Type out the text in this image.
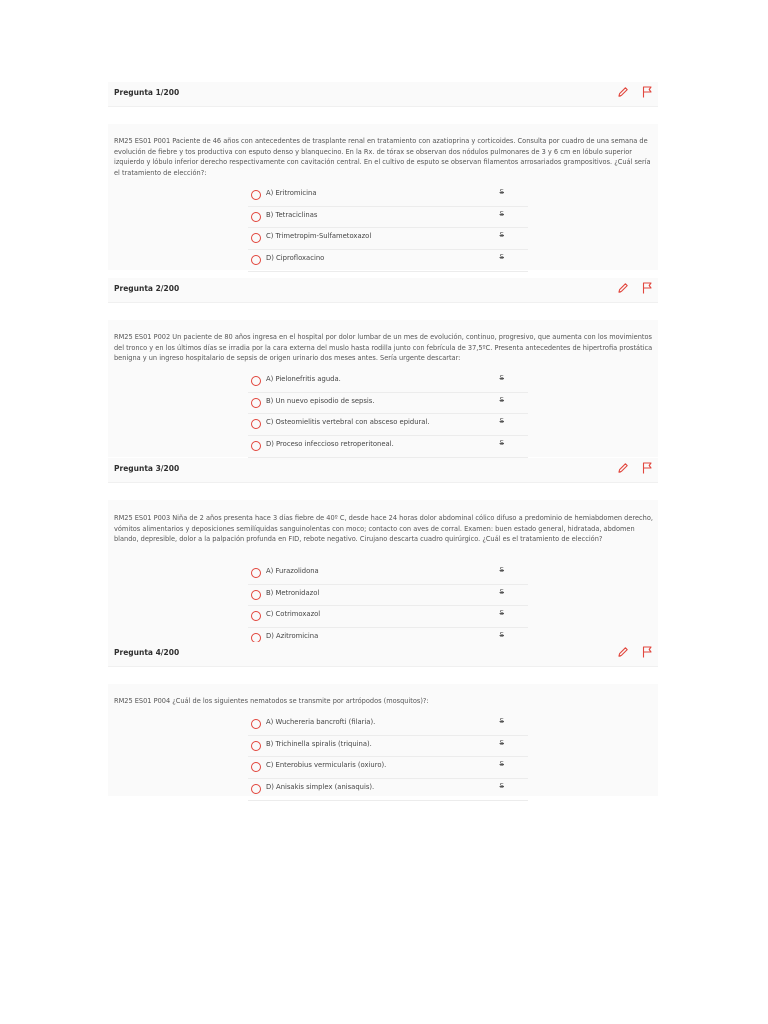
Pregunta 1/200
RM25 ES01 P001 Paciente de 46 años con antecedentes de trasplante renal en tratamiento con azatioprina y corticoides. Consulta por cuadro de una semana de evolución de fiebre y tos productiva con esputo denso y blanquecino. En la Rx. de tórax se observan dos nódulos pulmonares de 3 y 6 cm en lóbulo superior izquierdo y lóbulo inferior derecho respectivamente con cavitación central. En el cultivo de esputo se observan filamentos arrosariados grampositivos. ¿Cuál sería el tratamiento de elección?:
A) Eritromicina	S
B) Tetraciclinas	S
C) Trimetropim-Sulfametoxazol	S
D) Ciprofloxacino	S
Pregunta 2/200
RM25 ES01 P002 Un paciente de 80 años ingresa en el hospital por dolor lumbar de un mes de evolución, continuo, progresivo, que aumenta con los movimientos del tronco y en los últimos días se irradia por la cara externa del muslo hasta rodilla junto con febrícula de 37,5ºC. Presenta antecedentes de hipertrofia prostática benigna y un ingreso hospitalario de sepsis de origen urinario dos meses antes. Sería urgente descartar:
A) Pielonefritis aguda.	S
B) Un nuevo episodio de sepsis.	S
C) Osteomielitis vertebral con absceso epidural.	S
D) Proceso infeccioso retroperitoneal.	S
Pregunta 3/200
RM25 ES01 P003 Niña de 2 años presenta hace 3 días fiebre de 40º C, desde hace 24 horas dolor abdominal cólico difuso a predominio de hemiabdomen derecho, vómitos alimentarios y deposiciones semilíquidas sanguinolentas con moco; contacto con aves de corral. Examen: buen estado general, hidratada, abdomen blando, depresible, dolor a la palpación profunda en FID, rebote negativo. Cirujano descarta cuadro quirúrgico. ¿Cuál es el tratamiento de elección?
A) Furazolidona	S
B) Metronidazol	S
C) Cotrimoxazol	S
D) Azitromicina	S
Pregunta 4/200
RM25 ES01 P004 ¿Cuál de los siguientes nematodos se transmite por artrópodos (mosquitos)?:
A) Wuchereria bancrofti (filaria).	S
B) Trichinella spiralis (triquina).	S
C) Enterobius vermicularis (oxiuro).	S
D) Anisakis simplex (anisaquis).	S
